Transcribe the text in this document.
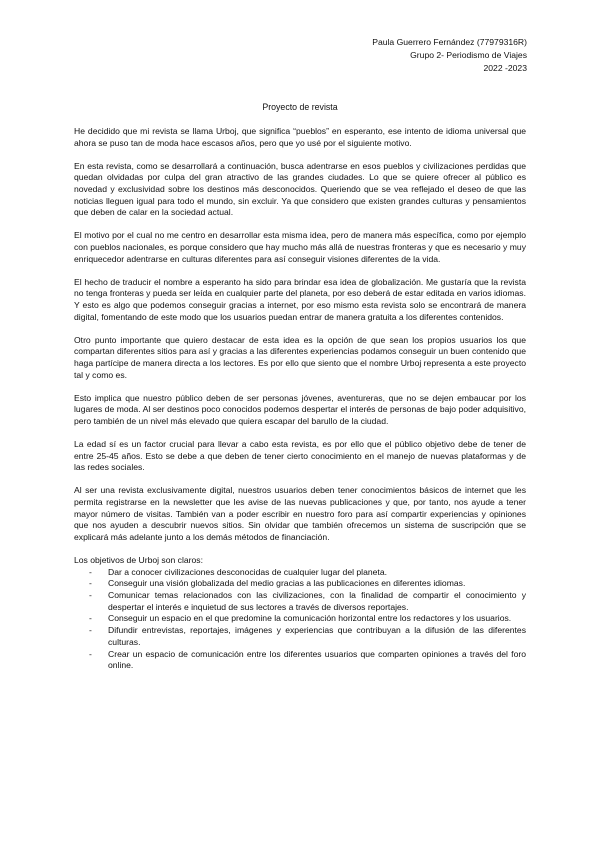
Paula Guerrero Fernández (77979316R)
Grupo 2- Periodismo de Viajes
2022 -2023
Proyecto de revista

He decidido que mi revista se llama Urboj, que significa “pueblos” en esperanto, ese intento de idioma universal que ahora se puso tan de moda hace escasos años, pero que yo usé por el siguiente motivo.

En esta revista, como se desarrollará a continuación, busca adentrarse en esos pueblos y civilizaciones perdidas que quedan olvidadas por culpa del gran atractivo de las grandes ciudades. Lo que se quiere ofrecer al público es novedad y exclusividad sobre los destinos más desconocidos. Queriendo que se vea reflejado el deseo de que las noticias lleguen igual para todo el mundo, sin excluir. Ya que considero que existen grandes culturas y pensamientos que deben de calar en la sociedad actual.

El motivo por el cual no me centro en desarrollar esta misma idea, pero de manera más específica, como por ejemplo con pueblos nacionales, es porque considero que hay mucho más allá de nuestras fronteras y que es necesario y muy enriquecedor adentrarse en culturas diferentes para así conseguir visiones diferentes de la vida.

El hecho de traducir el nombre a esperanto ha sido para brindar esa idea de globalización. Me gustaría que la revista no tenga fronteras y pueda ser leída en cualquier parte del planeta, por eso deberá de estar editada en varios idiomas. Y esto es algo que podemos conseguir gracias a internet, por eso mismo esta revista solo se encontrará de manera digital, fomentando de este modo que los usuarios puedan entrar de manera gratuita a los diferentes contenidos.

Otro punto importante que quiero destacar de esta idea es la opción de que sean los propios usuarios los que compartan diferentes sitios para así y gracias a las diferentes experiencias podamos conseguir un buen contenido que haga partícipe de manera directa a los lectores. Es por ello que siento que el nombre Urboj representa a este proyecto tal y como es.

Esto implica que nuestro público deben de ser personas jóvenes, aventureras, que no se dejen embaucar por los lugares de moda. Al ser destinos poco conocidos podemos despertar el interés de personas de bajo poder adquisitivo, pero también de un nivel más elevado que quiera escapar del barullo de la ciudad.

La edad sí es un factor crucial para llevar a cabo esta revista, es por ello que el público objetivo debe de tener de entre 25-45 años. Esto se debe a que deben de tener cierto conocimiento en el manejo de nuevas plataformas y de las redes sociales.

Al ser una revista exclusivamente digital, nuestros usuarios deben tener conocimientos básicos de internet que les permita registrarse en la newsletter que les avise de las nuevas publicaciones y que, por tanto, nos ayude a tener mayor número de visitas. También van a poder escribir en nuestro foro para así compartir experiencias y opiniones que nos ayuden a descubrir nuevos sitios. Sin olvidar que también ofrecemos un sistema de suscripción que se explicará más adelante junto a los demás métodos de financiación.

Los objetivos de Urboj son claros:

- Dar a conocer civilizaciones desconocidas de cualquier lugar del planeta.
- Conseguir una visión globalizada del medio gracias a las publicaciones en diferentes idiomas.
- Comunicar temas relacionados con las civilizaciones, con la finalidad de compartir el conocimiento y despertar el interés e inquietud de sus lectores a través de diversos reportajes.
- Conseguir un espacio en el que predomine la comunicación horizontal entre los redactores y los usuarios.
- Difundir entrevistas, reportajes, imágenes y experiencias que contribuyan a la difusión de las diferentes culturas.
- Crear un espacio de comunicación entre los diferentes usuarios que comparten opiniones a través del foro online.
